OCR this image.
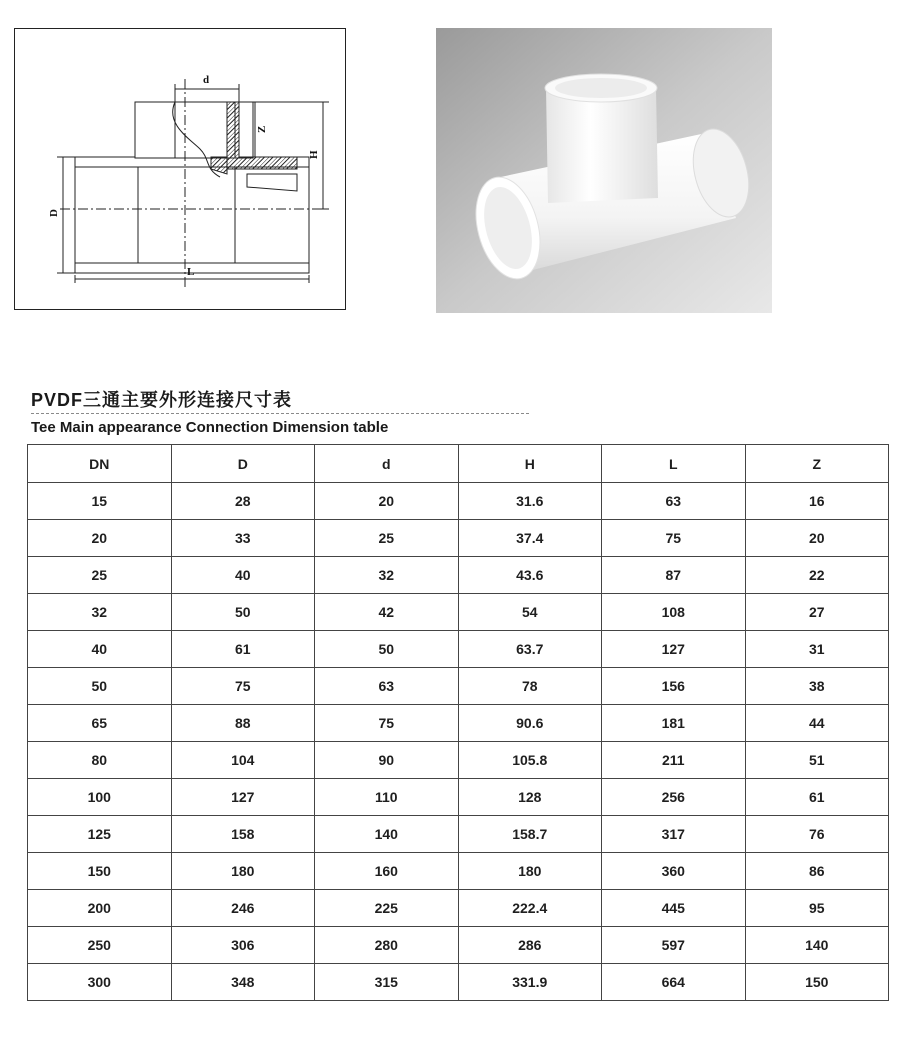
d
Z
H
D
L
PVDF三通主要外形连接尺寸表
Tee Main appearance Connection Dimension table
DN	D	d	H	L	Z
15	28	20	31.6	63	16
20	33	25	37.4	75	20
25	40	32	43.6	87	22
32	50	42	54	108	27
40	61	50	63.7	127	31
50	75	63	78	156	38
65	88	75	90.6	181	44
80	104	90	105.8	211	51
100	127	110	128	256	61
125	158	140	158.7	317	76
150	180	160	180	360	86
200	246	225	222.4	445	95
250	306	280	286	597	140
300	348	315	331.9	664	150
